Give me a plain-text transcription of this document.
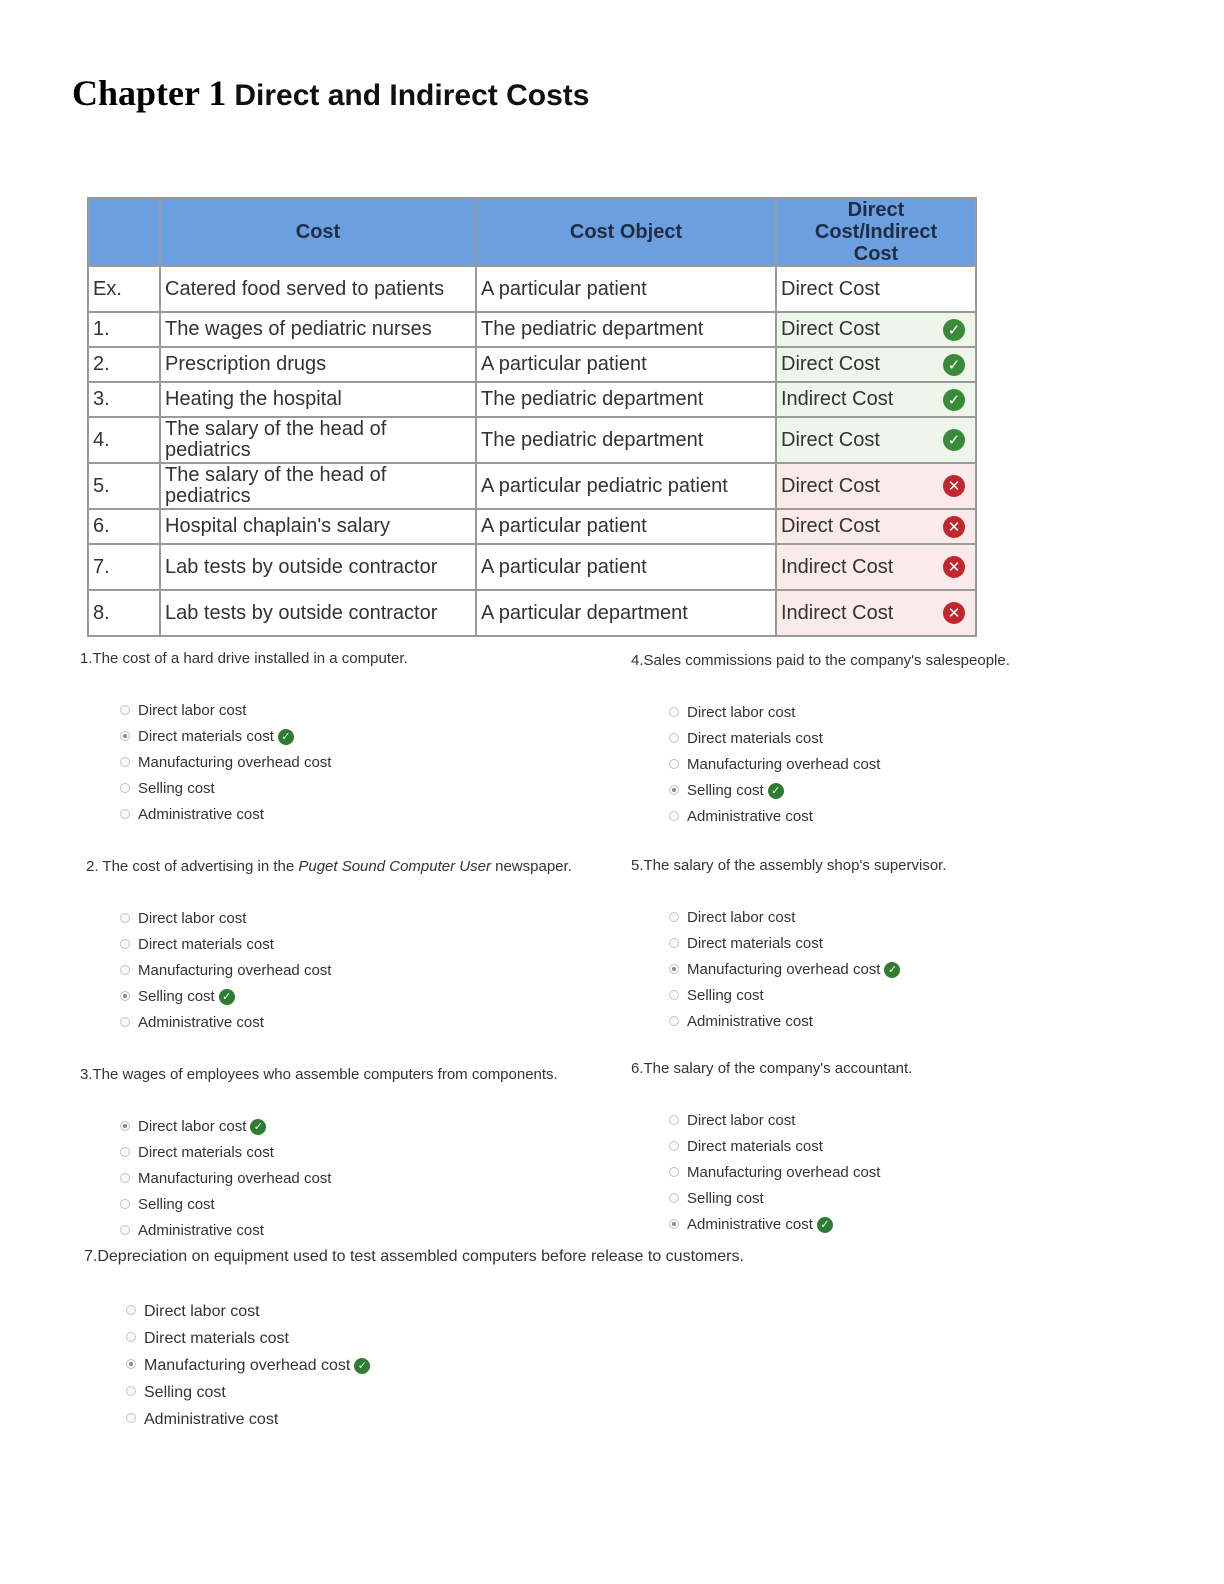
Chapter 1 Direct and Indirect Costs
	Cost	Cost Object	Direct Cost/Indirect Cost
Ex.	Catered food served to patients	A particular patient	Direct Cost
1.	The wages of pediatric nurses	The pediatric department	Direct Cost ✓

2.	Prescription drugs	A particular patient	Direct Cost ✓

3.	Heating the hospital	The pediatric department	Indirect Cost ✓

4.	The salary of the head of pediatrics	The pediatric department	Direct Cost ✓

5.	The salary of the head of pediatrics	A particular pediatric patient	Direct Cost ✕

6.	Hospital chaplain's salary	A particular patient	Direct Cost ✕

7.	Lab tests by outside contractor	A particular patient	Indirect Cost ✕

8.	Lab tests by outside contractor	A particular department	Indirect Cost ✕
1.The cost of a hard drive installed in a computer.
Direct labor cost
Direct materials cost ✓
Manufacturing overhead cost
Selling cost
Administrative cost
2. The cost of advertising in the Puget Sound Computer User newspaper.
Direct labor cost
Direct materials cost
Manufacturing overhead cost
Selling cost ✓
Administrative cost
3.The wages of employees who assemble computers from components.
Direct labor cost ✓
Direct materials cost
Manufacturing overhead cost
Selling cost
Administrative cost
4.Sales commissions paid to the company's salespeople.
Direct labor cost
Direct materials cost
Manufacturing overhead cost
Selling cost ✓
Administrative cost
5.The salary of the assembly shop's supervisor.
Direct labor cost
Direct materials cost
Manufacturing overhead cost ✓
Selling cost
Administrative cost
6.The salary of the company's accountant.
Direct labor cost
Direct materials cost
Manufacturing overhead cost
Selling cost
Administrative cost ✓
7.Depreciation on equipment used to test assembled computers before release to customers.
Direct labor cost
Direct materials cost
Manufacturing overhead cost ✓
Selling cost
Administrative cost
